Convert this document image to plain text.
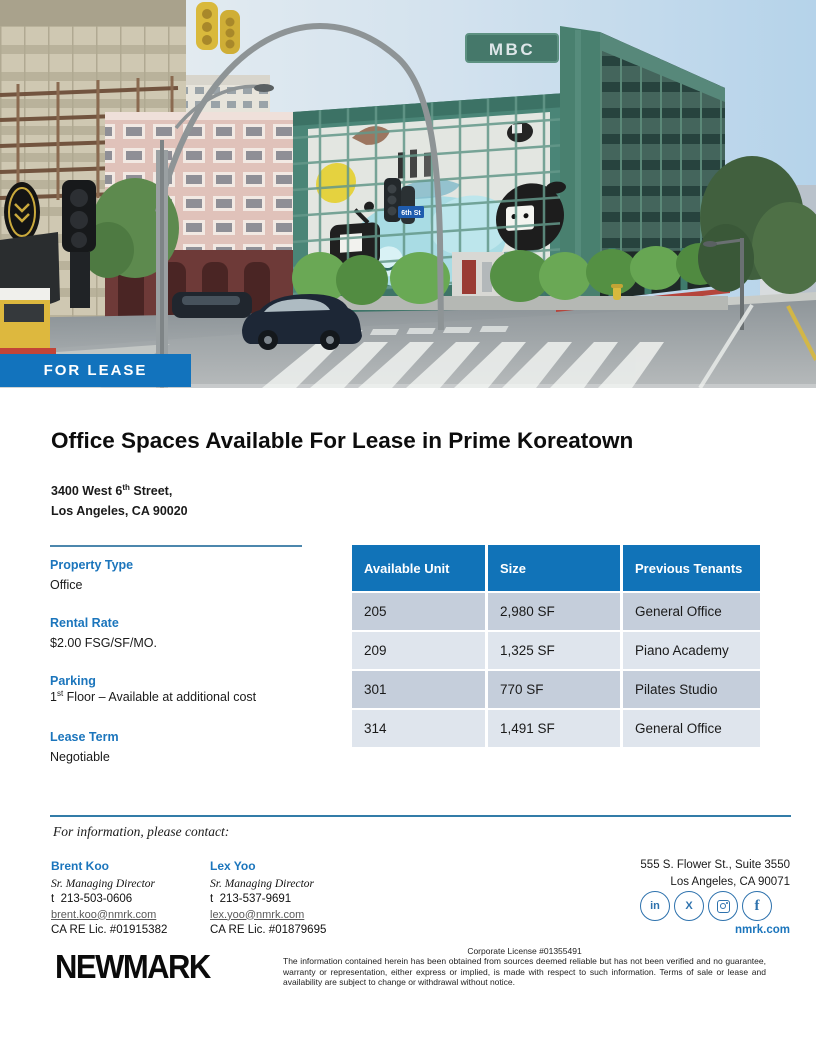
MBC
6th St
FOR LEASE
Office Spaces Available For Lease in Prime Koreatown
3400 West 6th Street,
Los Angeles, CA 90020
Property Type
Office
Rental Rate
$2.00 FSG/SF/MO.
Parking
1st Floor – Available at additional cost
Lease Term
Negotiable
Available Unit	Size	Previous Tenants
205	2,980 SF	General Office
209	1,325 SF	Piano Academy
301	770 SF	Pilates Studio
314	1,491 SF	General Office
For information, please contact:
Brent Koo
Sr. Managing Director
t  213-503-0606
brent.koo@nmrk.com
CA RE Lic. #01915382
Lex Yoo
Sr. Managing Director
t  213-537-9691
lex.yoo@nmrk.com
CA RE Lic. #01879695
555 S. Flower St., Suite 3550
Los Angeles, CA 90071
in X	f
nmrk.com
NEWMARK	Corporate License #01355491
The information contained herein has been obtained from sources deemed reliable but has not been verified and no guarantee, warranty or representation, either express or implied, is made with respect to such information. Terms of sale or lease and availability are subject to change or withdrawal without notice.
